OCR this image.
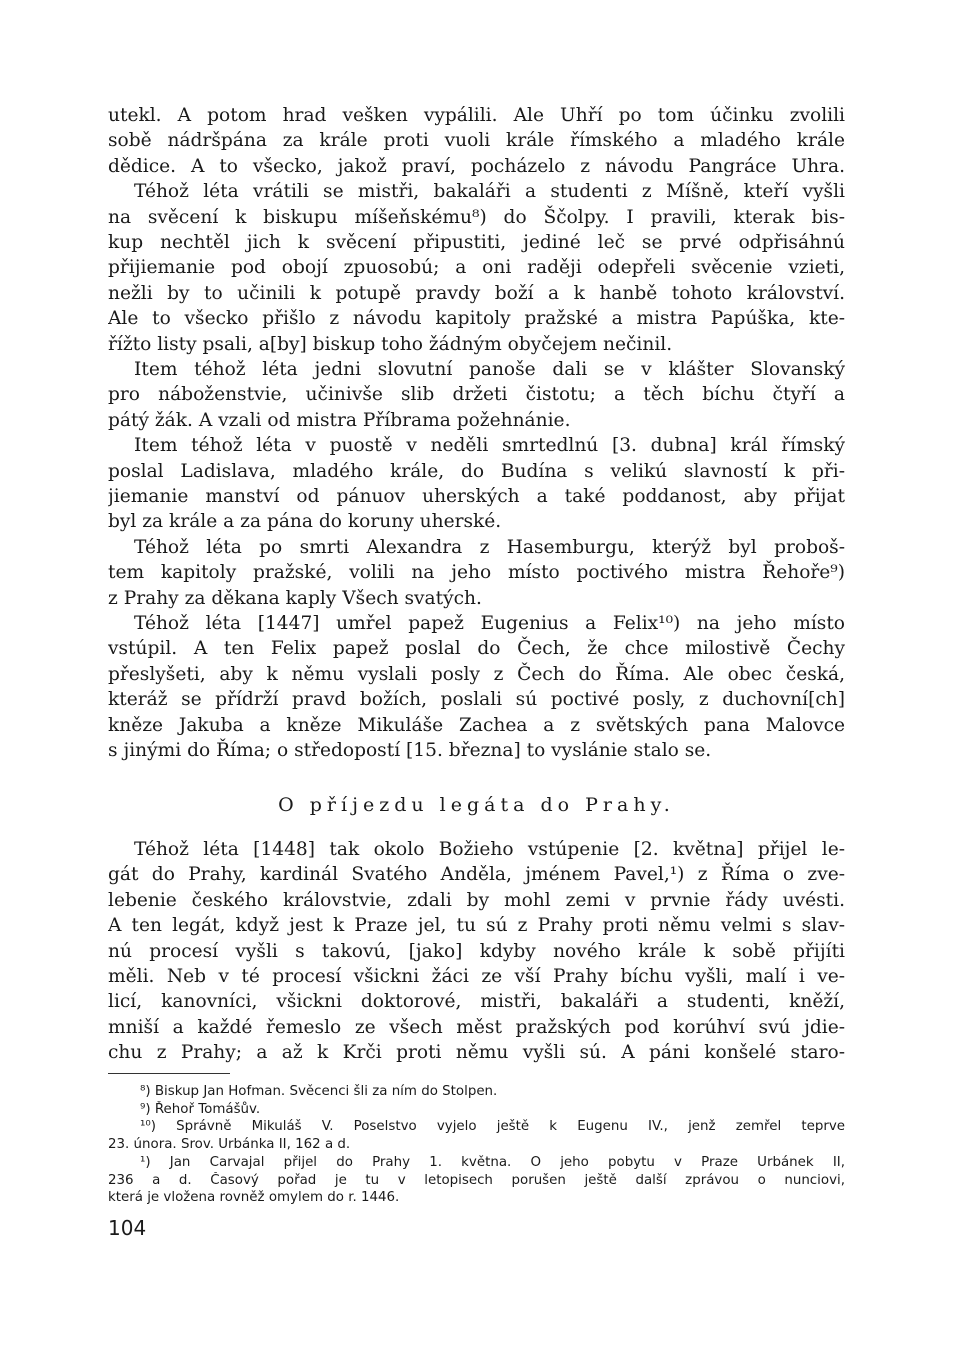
utekl. A potom hrad vešken vypálili. Ale Uhří po tom účinku zvolili
sobě nádršpána za krále proti vuoli krále římského a mladého krále
dědice. A to všecko, jakož praví, pocházelo z návodu Pangráce Uhra.
Téhož léta vrátili se mistři, bakaláři a studenti z Míšně, kteří vyšli
na svěcení k biskupu míšeňskému⁸) do Ščolpy. I pravili, kterak bis-
kup nechtěl jich k svěcení připustiti, jediné leč se prvé odpřisáhnú
přijiemanie pod obojí zpuosobú; a oni raději odepřeli svěcenie vzieti,
nežli by to učinili k potupě pravdy boží a k hanbě tohoto království.
Ale to všecko přišlo z návodu kapitoly pražské a mistra Papúška, kte-
řížto listy psali, a[by] biskup toho žádným obyčejem nečinil.
Item téhož léta jedni slovutní panoše dali se v klášter Slovanský
pro náboženstvie, učinivše slib držeti čistotu; a těch bíchu čtyří a
pátý žák. A vzali od mistra Příbrama požehnánie.
Item téhož léta v puostě v neděli smrtedlnú [3. dubna] král římský
poslal Ladislava, mladého krále, do Budína s velikú slavností k při-
jiemanie manství od pánuov uherských a také poddanost, aby přijat
byl za krále a za pána do koruny uherské.
Téhož léta po smrti Alexandra z Hasemburgu, kterýž byl proboš-
tem kapitoly pražské, volili na jeho místo poctivého mistra Řehoře⁹)
z Prahy za děkana kaply Všech svatých.
Téhož léta [1447] umřel papež Eugenius a Felix¹⁰) na jeho místo
vstúpil. A ten Felix papež poslal do Čech, že chce milostivě Čechy
přeslyšeti, aby k němu vyslali posly z Čech do Říma. Ale obec česká,
kteráž se přídrží pravd božích, poslali sú poctivé posly, z duchovní[ch]
kněze Jakuba a kněze Mikuláše Zachea a z světských pana Malovce
s jinými do Říma; o středopostí [15. března] to vyslánie stalo se.
O příjezdu legáta do Prahy.
Téhož léta [1448] tak okolo Božieho vstúpenie [2. května] přijel le-
gát do Prahy, kardinál Svatého Anděla, jménem Pavel,¹) z Říma o zve-
lebenie českého královstvie, zdali by mohl zemi v prvnie řády uvésti.
A ten legát, když jest k Praze jel, tu sú z Prahy proti němu velmi s slav-
nú procesí vyšli s takovú, [jako] kdyby nového krále k sobě přijíti
měli. Neb v té procesí všickni žáci ze vší Prahy bíchu vyšli, malí i ve-
licí, kanovníci, všickni doktorové, mistři, bakaláři a studenti, kněží,
mniší a každé řemeslo ze všech měst pražských pod korúhví svú jdie-
chu z Prahy; a až k Krči proti němu vyšli sú. A páni konšelé staro-
⁸) Biskup Jan Hofman. Svěcenci šli za ním do Stolpen.
⁹) Řehoř Tomášův.
¹⁰) Správně Mikuláš V. Poselstvo vyjelo ještě k Eugenu IV., jenž zemřel teprve
23. února. Srov. Urbánka II, 162 a d.
¹) Jan Carvajal přijel do Prahy 1. května. O jeho pobytu v Praze Urbánek II,
236 a d. Časový pořad je tu v letopisech porušen ještě další zprávou o nunciovi,
která je vložena rovněž omylem do r. 1446.
104
